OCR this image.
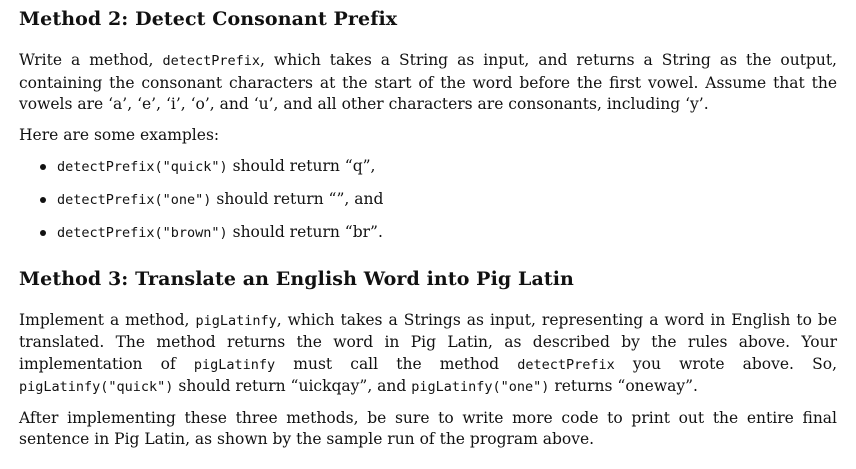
Method 2: Detect Consonant Prefix

Write a method, detectPrefix, which takes a String as input, and returns a String as the output, containing the consonant characters at the start of the word before the first vowel. Assume that the vowels are ‘a’, ‘e’, ‘i’, ‘o’, and ‘u’, and all other characters are consonants, including ‘y’.

Here are some examples:

detectPrefix("quick") should return “q”,
detectPrefix("one") should return “”, and
detectPrefix("brown") should return “br”.
Method 3: Translate an English Word into Pig Latin

Implement a method, pigLatinfy, which takes a Strings as input, representing a word in English to be translated. The method returns the word in Pig Latin, as described by the rules above. Your implementation of pigLatinfy must call the method detectPrefix you wrote above. So, pigLatinfy("quick") should return “uickqay”, and pigLatinfy("one") returns “oneway”.

After implementing these three methods, be sure to write more code to print out the entire final sentence in Pig Latin, as shown by the sample run of the program above.
